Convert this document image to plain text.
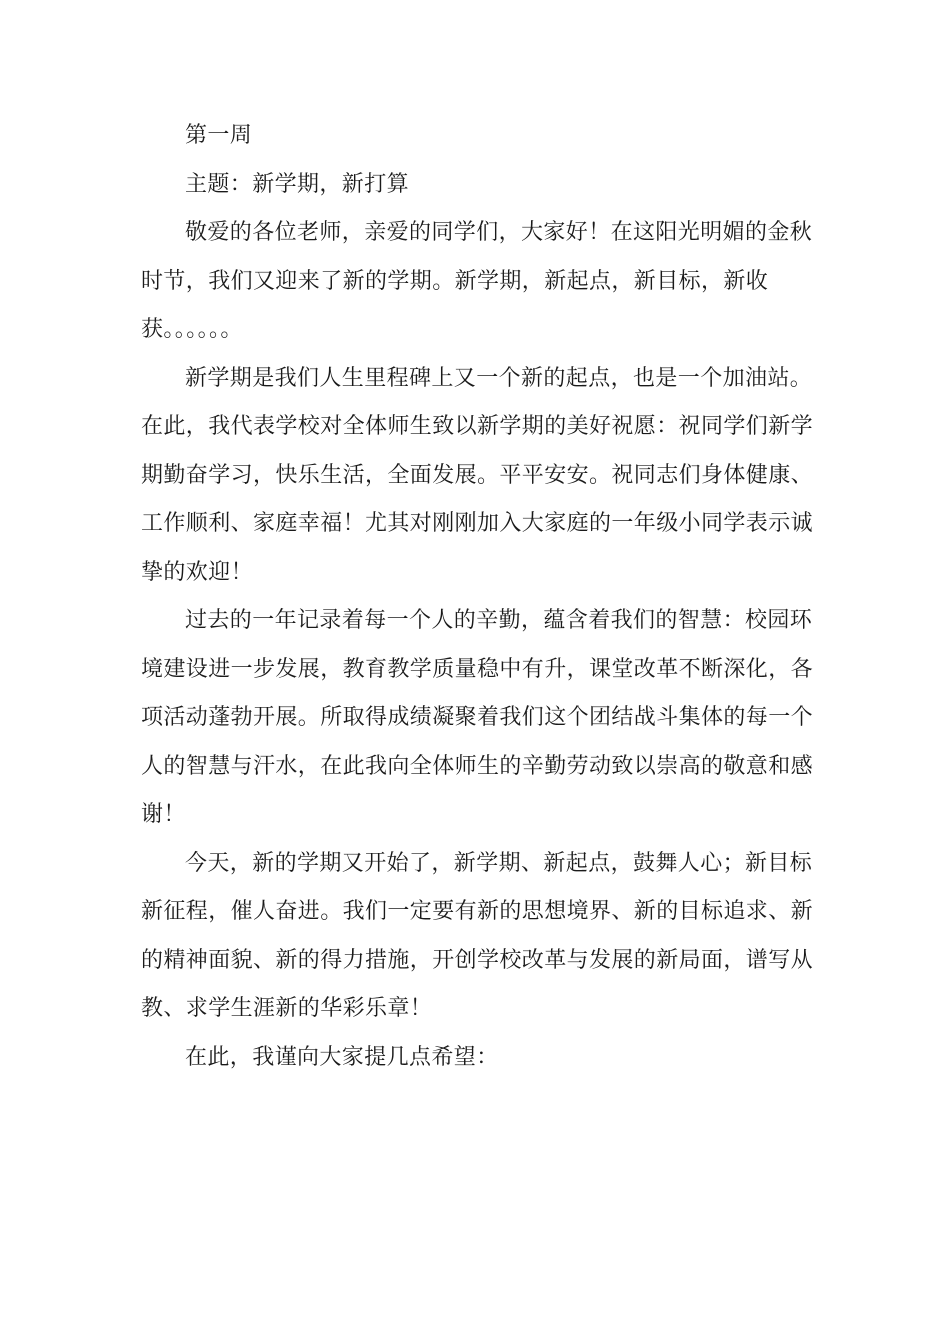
第一周

主题：新学期，新打算

敬爱的各位老师，亲爱的同学们，大家好！在这阳光明媚的金秋

时节，我们又迎来了新的学期。新学期，新起点，新目标，新收

获。。。。。。

新学期是我们人生里程碑上又一个新的起点，也是一个加油站。

在此，我代表学校对全体师生致以新学期的美好祝愿：祝同学们新学

期勤奋学习，快乐生活，全面发展。平平安安。祝同志们身体健康、

工作顺利、家庭幸福！尤其对刚刚加入大家庭的一年级小同学表示诚

挚的欢迎！

过去的一年记录着每一个人的辛勤，蕴含着我们的智慧：校园环

境建设进一步发展，教育教学质量稳中有升，课堂改革不断深化，各

项活动蓬勃开展。所取得成绩凝聚着我们这个团结战斗集体的每一个

人的智慧与汗水，在此我向全体师生的辛勤劳动致以崇高的敬意和感

谢！

今天，新的学期又开始了，新学期、新起点，鼓舞人心；新目标

新征程，催人奋进。我们一定要有新的思想境界、新的目标追求、新

的精神面貌、新的得力措施，开创学校改革与发展的新局面，谱写从

教、求学生涯新的华彩乐章！

在此，我谨向大家提几点希望：
